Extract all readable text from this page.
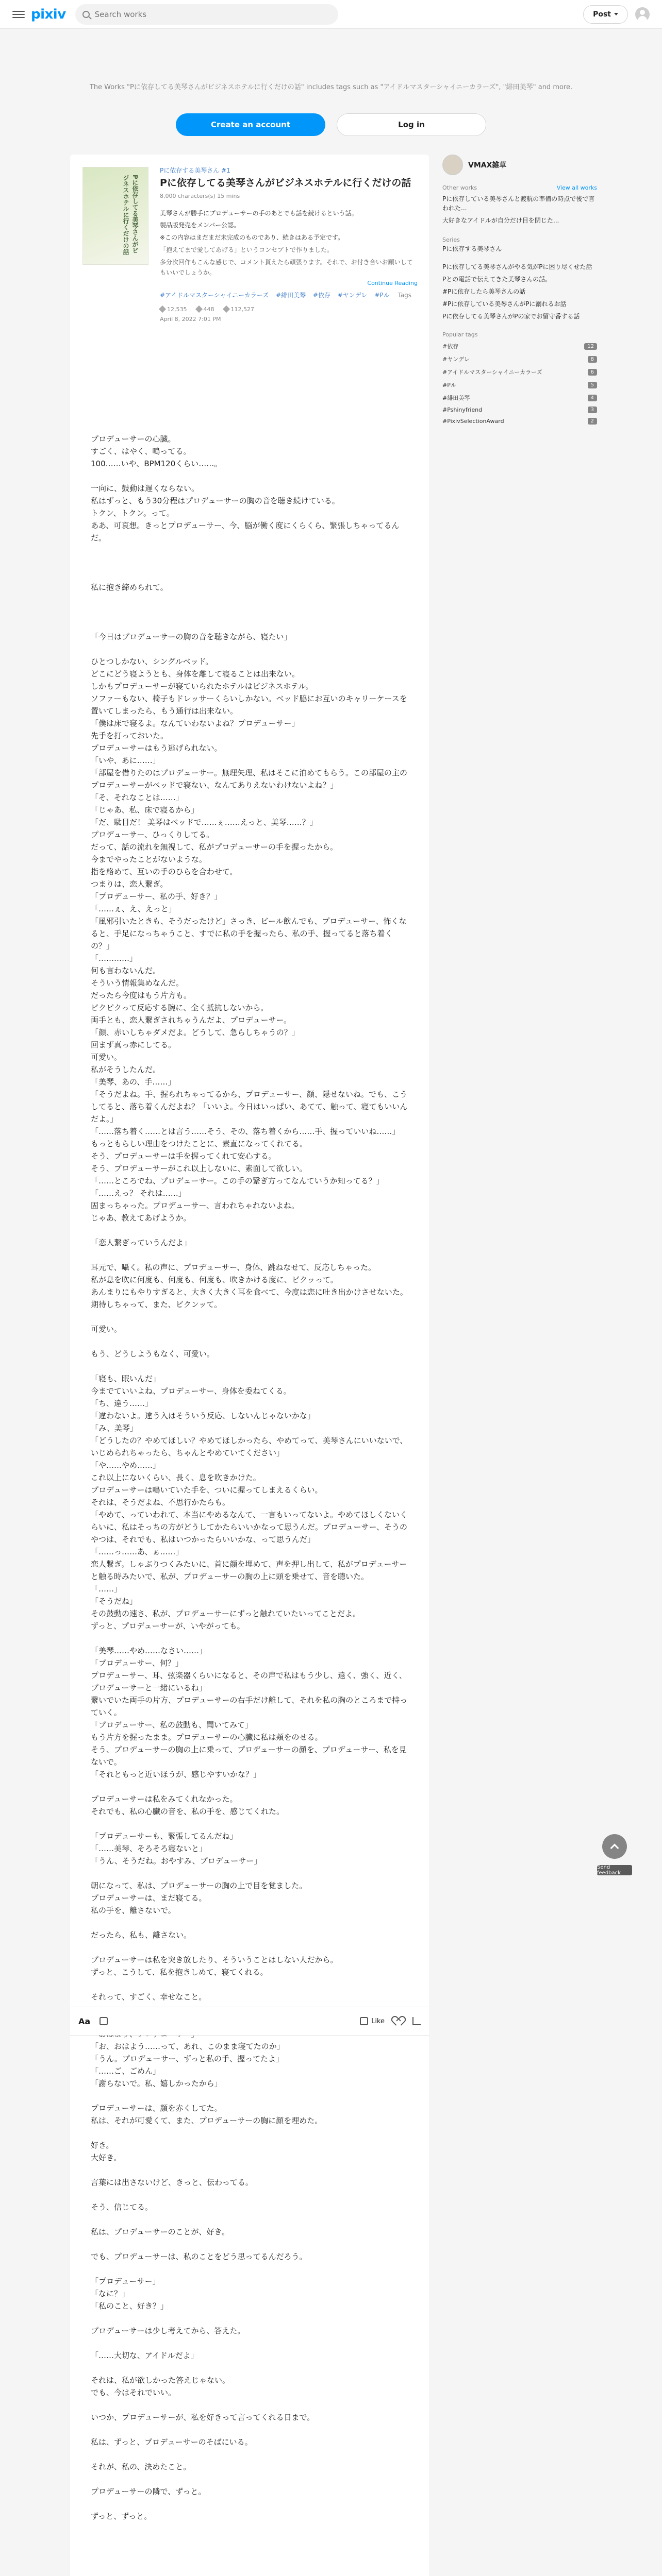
pixiv
Search works	Post
The Works "Pに依存してる美琴さんがビジネスホテルに行くだけの話" includes tags such as "アイドルマスターシャイニーカラーズ", "緋田美琴" and more.
Create an account	Log in
Pに依存してる美琴さんがビジネスホテルに行くだけの話
Pに依存する美琴さん #1
Pに依存してる美琴さんがビジネスホテルに行くだけの話
8,000 characters(s) 15 mins

美琴さんが勝手にプロデューサーの手のあとでも話を続けるという話。

製品版発売をメンバー公認。

※この内容はまだまだ未完成のものであり、続きはある予定です。

「抱えてまで愛してあげる」というコンセプトで作りました。

多分次回作もこんな感じで、コメント貰えたら頑張ります。それで、お付き合いお願いしてもいいでしょうか。

Continue Reading
#アイドルマスターシャイニーカラーズ #緋田美琴 #依存 #ヤンデレ #Pル Tags
12,535	448	112,527
April 8, 2022 7:01 PM

プロデューサーの心臓。

すごく、はやく、鳴ってる。

100……いや、BPM120くらい……。

一向に、鼓動は遅くならない。

私はずっと、もう30分程はプロデューサーの胸の音を聴き続けている。

トクン、トクン。って。

ああ、可哀想。きっとプロデューサー、今、脳が働く度にくらくら、緊張しちゃってるんだ。

私に抱き締められて。

「今日はプロデューサーの胸の音を聴きながら、寝たい」

ひとつしかない、シングルベッド。

どこにどう寝ようとも、身体を離して寝ることは出来ない。

しかもプロデューサーが寝ていられたホテルはビジネスホテル。

ソファーもない、椅子もドレッサーくらいしかない。ベッド脇にお互いのキャリーケースを置いてしまったら、もう通行は出来ない。

「僕は床で寝るよ。なんていわないよね？プロデューサー」

先手を打っておいた。

プロデューサーはもう逃げられない。

「いや、あに……」

「部屋を借りたのはプロデューサー。無理矢理、私はそこに泊めてもらう。この部屋の主のプロデューサーがベッドで寝ない、なんてありえないわけないよね？」

「そ、それなことは……」

「じゃあ、私、床で寝るから」

「だ、駄目だ！ 美琴はベッドで……ぇ……えっと、美琴……？」

プロデューサー、ひっくりしてる。

だって、話の流れを無視して、私がプロデューサーの手を握ったから。

今までやったことがないような。

指を絡めて、互いの手のひらを合わせて。

つまりは、恋人繋ぎ。

「プロデューサー、私の手、好き？」

「……ぇ、え、えっと」

「風邪引いたときも、そうだったけど」さっき、ビール飲んでも、プロデューサー、怖くなると、手足になっちゃうこと、すでに私の手を握ったら、私の手、握ってると落ち着くの？」

「…………」

何も言わないんだ。

そういう情報集めなんだ。

だったら今度はもう片方も。

ピクピクって反応する腕に、全く抵抗しないから。

両手とも、恋人繋ぎされちゃうんだよ、プロデューサー。

「顔、赤いしちゃダメだよ。どうして、急らしちゃうの？」

回まず真っ赤にしてる。

可愛い。

私がそうしたんだ。

「美琴、あの、手……」

「そうだよね。手、握られちゃってるから、プロデューサー、顔、隠せないね。でも、こうしてると、落ち着くんだよね？「いいよ。今日はいっぱい、あてて、触って、寝てもいいんだよ。」

「……落ち着く……とは言う……そう、その、落ち着くから……手、握っていいね……」

もっともらしい理由をつけたことに、素直になってくれてる。

そう、プロデューサーは手を握ってくれて安心する。

そう、プロデューサーがこれ以上しないに、素面して欲しい。

「……ところでね、プロデューサー。この手の繋ぎ方ってなんていうか知ってる？」

「……えっ？ それは……」

固まっちゃった。プロデューサー、言われちゃれないよね。

じゃあ、教えてあげようか。

「恋人繋ぎっていうんだよ」

耳元で、囁く。私の声に、プロデューサー、身体、跳ねなせて、反応しちゃった。

私が息を吹に何度も、何度も、何度も、吹きかける度に、ビクッって。

あんまりにもやりすぎると、大きく大きく耳を食べて、今度は恋に吐き出かけさせないた。

期待しちゃって、また、ビクンッて。

可愛い。

もう、どうしようもなく、可愛い。

「寝も、眠いんだ」

今までていいよね、プロデューサー、身体を委ねてくる。

「ち、違う……」

「違わないよ。違う入はそういう反応、しないんじゃないかな」

「み、美琴」

「どうしたの？やめてほしい？やめてほしかったら、やめてって、美琴さんにいいないで、いじめられちゃったら、ちゃんとやめていてください」

「や……やめ……」

これ以上にないくらい、長く、息を吹きかけた。

プロデューサーは鳴いていた手を、ついに握ってしまえるくらい。

それは、そうだよね、不思行かたらも。

「やめて、っていわれて、本当にやめるなんて、一言もいってないよ。やめてほしくないくらいに、私はそっちの方がどうしてかたらいいかなって思うんだ。プロデューサー、そうのやつは、それでも、私はいつかったらいいかな、って思うんだ」

「……っ……あ、ぁ……」

恋人繋ぎ。しゃぶりつくみたいに、首に顔を埋めて、声を押し出して、私がプロデューサーと触る時みたいで、私が、プロデューサーの胸の上に頭を乗せて、音を聴いた。

「……」

「そうだね」

その鼓動の速さ、私が、プロデューサーにずっと触れていたいってことだよ。

ずっと、プロデューサーが、いやがっても。

「美琴……やめ……なさい……」

「プロデューサー、何？」

プロデューサー、耳、弦楽器くらいになると、その声で私はもう少し、遠く、強く、近く、プロデューサーと一緒にいるね」

繋いでいた両手の片方、プロデューサーの右手だけ離して、それを私の胸のところまで持っていく。

「プロデューサー、私の鼓動も、聞いてみて」

もう片方を握ったまま。プロデューサーの心臓に私は頬をのせる。

そう、プロデューサーの胸の上に乗って、プロデューサーの顔を、プロデューサー、私を見ないで。

「それともっと近いほうが、感じやすいかな？」

プロデューサーは私をみてくれなかった。

それでも、私の心臓の音を、私の手を、感じてくれた。

「プロデューサーも、緊張してるんだね」

「……美琴、そろそろ寝ないと」

「うん、そうだね。おやすみ、プロデューサー」

朝になって、私は、プロデューサーの胸の上で目を覚ました。

プロデューサーは、まだ寝てる。

私の手を、離さないで。

だったら、私も、離さない。

プロデューサーは私を突き放したり、そういうことはしない人だから。

ずっと、こうして、私を抱きしめて、寝てくれる。

それって、すごく、幸せなこと。

「お、おはよう……って、あれ、このまま寝てたのか」

「うん。プロデューサー、ずっと私の手、握ってたよ」

「……ご、ごめん」

「謝らないで。私、嬉しかったから」

プロデューサーは、顔を赤くしてた。

私は、それが可愛くて、また、プロデューサーの胸に顔を埋めた。

好き。

大好き。

言葉には出さないけど、きっと、伝わってる。

そう、信じてる。

私は、プロデューサーのことが、好き。

でも、プロデューサーは、私のことをどう思ってるんだろう。

「プロデューサー」

「なに？」

「私のこと、好き？」

プロデューサーは少し考えてから、答えた。

「……大切な、アイドルだよ」

それは、私が欲しかった答えじゃない。

でも、今はそれでいい。

いつか、プロデューサーが、私を好きって言ってくれる日まで。

私は、ずっと、プロデューサーのそばにいる。

それが、私の、決めたこと。

プロデューサーの隣で、ずっと。

ずっと、ずっと。

Aa	Like
VMAX雑草
Other works	View all works
Pに依存している美琴さんと渡航の準備の時点で後で言われた...
大好きなアイドルが自分だけ目を閉じた...
Series
Pに依存する美琴さん
Pに依存してる美琴さんがやる気がPに困り尽くせた話
Pとの電話で伝えてきた美琴さんの話。
#Pに依存したら美琴さんの話
#Pに依存している美琴さんがPに溺れるお話
Pに依存してる美琴さんがPの家でお留守番する話
Popular tags
#依存	12
#ヤンデレ	8
#アイドルマスターシャイニーカラーズ	6
#Pル	5
#緋田美琴	4
#Pshinyfriend	3
#PixivSelectionAward	2
Send feedback
